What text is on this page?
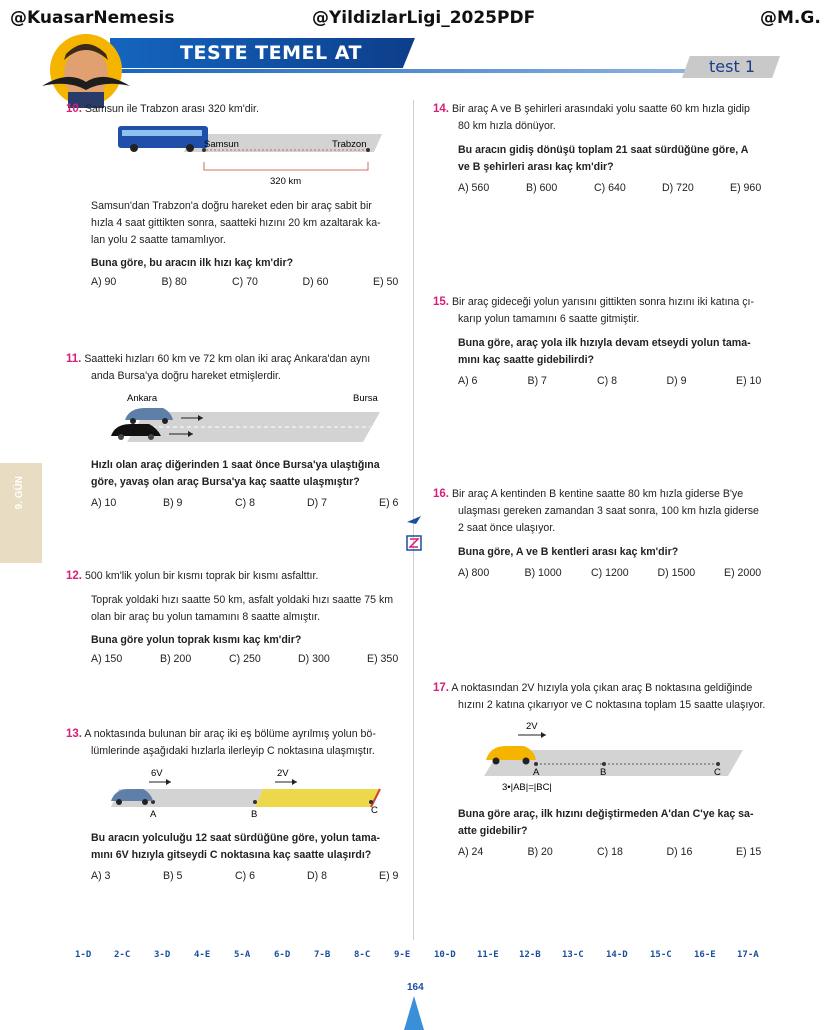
@KuasarNemesis	@YildizlarLigi_2025PDF	@M.G.
TESTE TEMEL AT
test 1
9. GÜN
10. Samsun ile Trabzon arası 320 km'dir.
Samsun	Trabzon
320 km
Samsun'dan Trabzon'a doğru hareket eden bir araç sabit bir
hızla 4 saat gittikten sonra, saatteki hızını 20 km azaltarak ka-
lan yolu 2 saatte tamamlıyor.
Buna göre, bu aracın ilk hızı kaç km'dir?
A) 90	B) 80	C) 70	D) 60	E) 50
11. Saatteki hızları 60 km ve 72 km olan iki araç Ankara'dan aynı
anda Bursa'ya doğru hareket etmişlerdir.
Ankara	Bursa
Hızlı olan araç diğerinden 1 saat önce Bursa'ya ulaştığına
göre, yavaş olan araç Bursa'ya kaç saatte ulaşmıştır?
A) 10	B) 9	C) 8	D) 7	E) 6
12. 500 km'lik yolun bir kısmı toprak bir kısmı asfalttır.
Toprak yoldaki hızı saatte 50 km, asfalt yoldaki hızı saatte 75 km
olan bir araç bu yolun tamamını 8 saatte almıştır.
Buna göre yolun toprak kısmı kaç km'dir?
A) 150	B) 200	C) 250	D) 300	E) 350
13. A noktasında bulunan bir araç iki eş bölüme ayrılmış yolun bö-
lümlerinde aşağıdaki hızlarla ilerleyip C noktasına ulaşmıştır.
6V	2V
A	B	C
Bu aracın yolculuğu 12 saat sürdüğüne göre, yolun tama-
mını 6V hızıyla gitseydi C noktasına kaç saatte ulaşırdı?
A) 3	B) 5	C) 6	D) 8	E) 9
14. Bir araç A ve B şehirleri arasındaki yolu saatte 60 km hızla gidip
80 km hızla dönüyor.
Bu aracın gidiş dönüşü toplam 21 saat sürdüğüne göre, A
ve B şehirleri arası kaç km'dir?
A) 560	B) 600	C) 640	D) 720	E) 960
15. Bir araç gideceği yolun yarısını gittikten sonra hızını iki katına çı-
karıp yolun tamamını 6 saatte gitmiştir.
Buna göre, araç yola ilk hızıyla devam etseydi yolun tama-
mını kaç saatte gidebilirdi?
A) 6	B) 7	C) 8	D) 9	E) 10
16. Bir araç A kentinden B kentine saatte 80 km hızla giderse B'ye
ulaşması gereken zamandan 3 saat sonra, 100 km hızla giderse
2 saat önce ulaşıyor.
Buna göre, A ve B kentleri arası kaç km'dir?
A) 800	B) 1000	C) 1200	D) 1500	E) 2000
17. A noktasından 2V hızıyla yola çıkan araç B noktasına geldiğinde
hızını 2 katına çıkarıyor ve C noktasına toplam 15 saatte ulaşıyor.
2V
A	B	C
3•|AB|=|BC|
Buna göre araç, ilk hızını değiştirmeden A'dan C'ye kaç sa-
atte gidebilir?
A) 24	B) 20	C) 18	D) 16	E) 15
1-D	2-C	3-D	4-E	5-A	6-D	7-B	8-C	9-E	10-D 11-E 12-B 13-C 14-D 15-C 16-E 17-A
164
